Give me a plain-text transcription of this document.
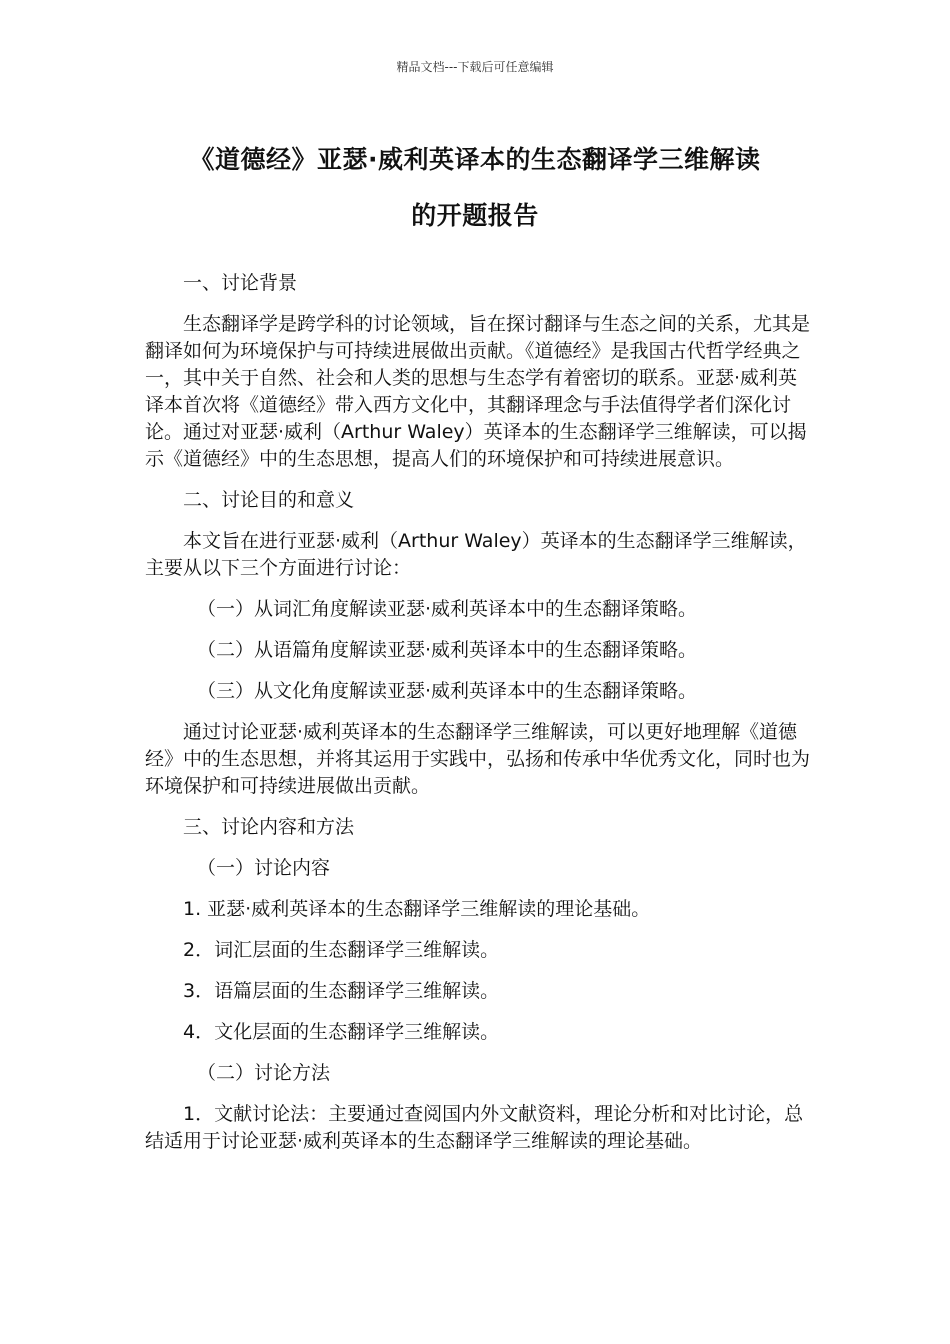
精品文档---下载后可任意编辑
《道德经》亚瑟·威利英译本的生态翻译学三维解读
的开题报告

一、讨论背景

生态翻译学是跨学科的讨论领域，旨在探讨翻译与生态之间的关系，尤其是翻译如何为环境保护与可持续进展做出贡献。《道德经》是我国古代哲学经典之一，其中关于自然、社会和人类的思想与生态学有着密切的联系。亚瑟·威利英译本首次将《道德经》带入西方文化中，其翻译理念与手法值得学者们深化讨论。通过对亚瑟·威利（Arthur Waley）英译本的生态翻译学三维解读，可以揭示《道德经》中的生态思想，提高人们的环境保护和可持续进展意识。

二、讨论目的和意义

本文旨在进行亚瑟·威利（Arthur Waley）英译本的生态翻译学三维解读，主要从以下三个方面进行讨论：

（一）从词汇角度解读亚瑟·威利英译本中的生态翻译策略。

（二）从语篇角度解读亚瑟·威利英译本中的生态翻译策略。

（三）从文化角度解读亚瑟·威利英译本中的生态翻译策略。

通过讨论亚瑟·威利英译本的生态翻译学三维解读，可以更好地理解《道德经》中的生态思想，并将其运用于实践中，弘扬和传承中华优秀文化，同时也为环境保护和可持续进展做出贡献。

三、讨论内容和方法

（一）讨论内容

1. 亚瑟·威利英译本的生态翻译学三维解读的理论基础。

2．词汇层面的生态翻译学三维解读。

3．语篇层面的生态翻译学三维解读。

4．文化层面的生态翻译学三维解读。

（二）讨论方法

1．文献讨论法：主要通过查阅国内外文献资料，理论分析和对比讨论，总结适用于讨论亚瑟·威利英译本的生态翻译学三维解读的理论基础。
